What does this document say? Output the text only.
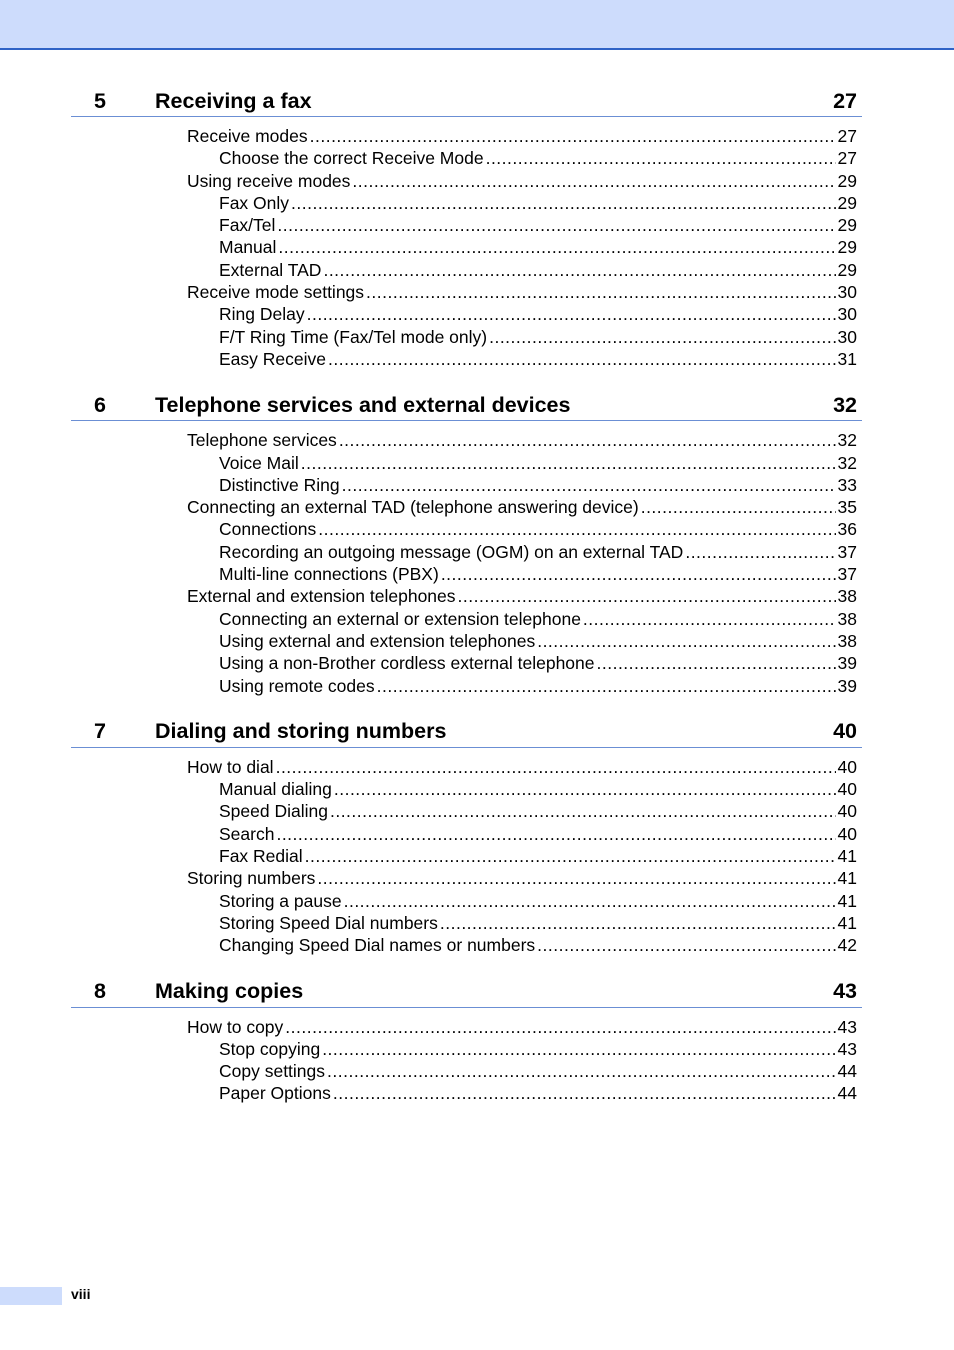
5 Receiving a fax	27
Receive modes .....	27
Choose the correct Receive Mode .....	27
Using receive modes .....	29
Fax Only .....	29
Fax/Tel .....	29
Manual .....	29
External TAD .....	29
Receive mode settings .....	30
Ring Delay .....	30
F/T Ring Time (Fax/Tel mode only) .....	30
Easy Receive .....	31
6 Telephone services and external devices	32
Telephone services .....	32
Voice Mail .....	32
Distinctive Ring .....	33
Connecting an external TAD (telephone answering device) .....	35
Connections .....	36
Recording an outgoing message (OGM) on an external TAD .....	37
Multi-line connections (PBX) .....	37
External and extension telephones .....	38
Connecting an external or extension telephone .....	38
Using external and extension telephones .....	38
Using a non-Brother cordless external telephone .....	39
Using remote codes .....	39
7 Dialing and storing numbers	40
How to dial .....	40
Manual dialing .....	40
Speed Dialing .....	40
Search .....	40
Fax Redial .....	41
Storing numbers .....	41
Storing a pause .....	41
Storing Speed Dial numbers .....	41
Changing Speed Dial names or numbers .....	42
8 Making copies	43
How to copy .....	43
Stop copying .....	43
Copy settings .....	44
Paper Options .....	44
viii
